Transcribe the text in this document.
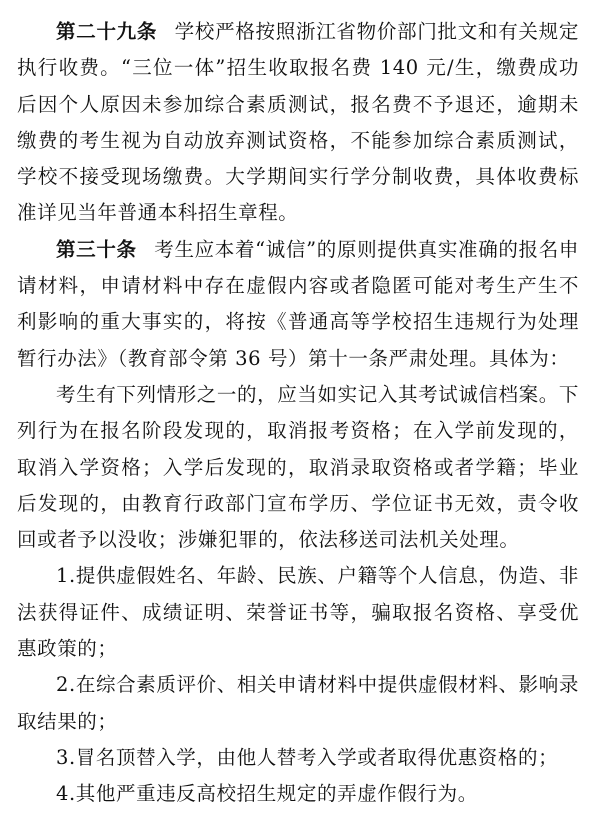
第二十九条 学校严格按照浙江省物价部门批文和有关规定执行收费。“三位一体”招生收取报名费 140 元/生，缴费成功后因个人原因未参加综合素质测试，报名费不予退还，逾期未缴费的考生视为自动放弃测试资格，不能参加综合素质测试，学校不接受现场缴费。大学期间实行学分制收费，具体收费标准详见当年普通本科招生章程。

第三十条 考生应本着“诚信”的原则提供真实准确的报名申请材料，申请材料中存在虚假内容或者隐匿可能对考生产生不利影响的重大事实的，将按《普通高等学校招生违规行为处理暂行办法》（教育部令第 36 号）第十一条严肃处理。具体为：

考生有下列情形之一的，应当如实记入其考试诚信档案。下列行为在报名阶段发现的，取消报考资格；在入学前发现的，取消入学资格；入学后发现的，取消录取资格或者学籍；毕业后发现的，由教育行政部门宣布学历、学位证书无效，责令收回或者予以没收；涉嫌犯罪的，依法移送司法机关处理。

1.提供虚假姓名、年龄、民族、户籍等个人信息，伪造、非法获得证件、成绩证明、荣誉证书等，骗取报名资格、享受优惠政策的；

2.在综合素质评价、相关申请材料中提供虚假材料、影响录取结果的；

3.冒名顶替入学，由他人替考入学或者取得优惠资格的；

4.其他严重违反高校招生规定的弄虚作假行为。
